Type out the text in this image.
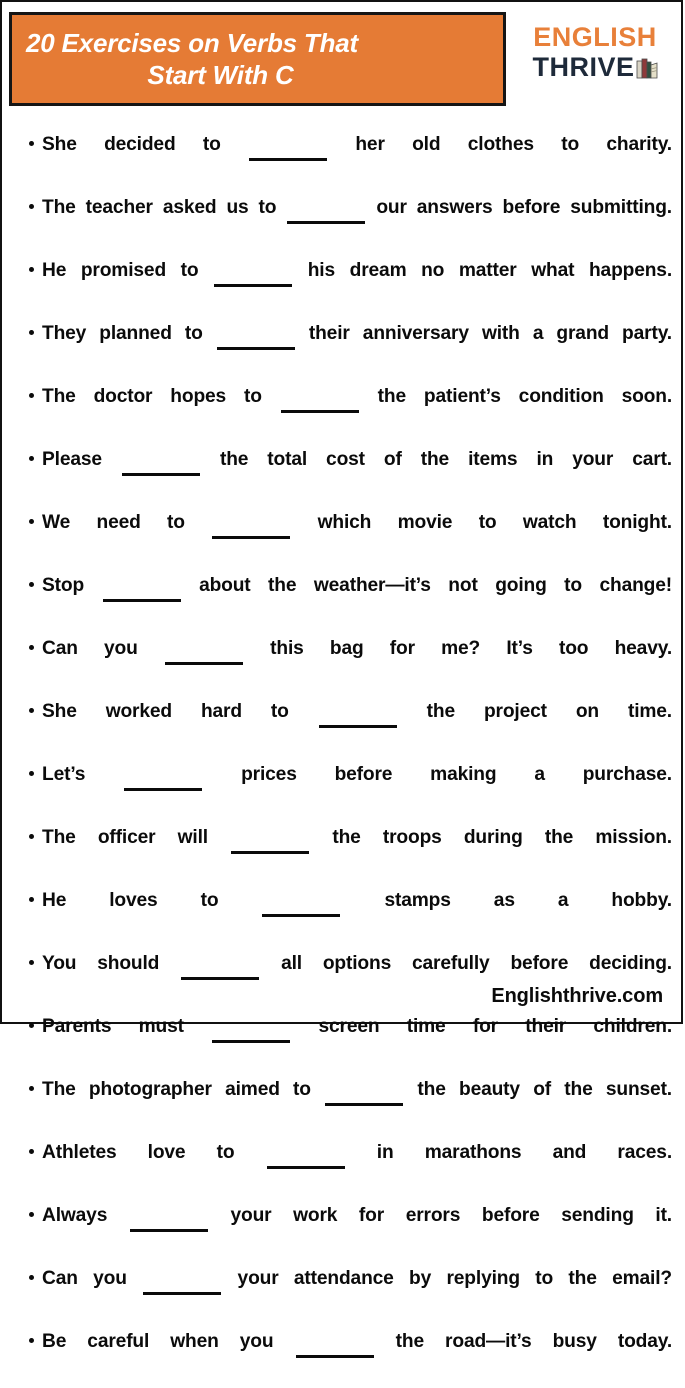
20 Exercises on Verbs That
Start With C
ENGLISH
THRIVE
She decided to	her old clothes to charity.
The teacher asked us to	our answers before submitting.
He promised to	his dream no matter what happens.
They planned to	their anniversary with a grand party.
The doctor hopes to	the patient’s condition soon.
Please	the total cost of the items in your cart.
We need to	which movie to watch tonight.
Stop	about the weather—it’s not going to change!
Can you	this bag for me? It’s too heavy.
She worked hard to	the project on time.
Let’s	prices before making a purchase.
The officer will	the troops during the mission.
He loves to	stamps as a hobby.
You should	all options carefully before deciding.
Parents must	screen time for their children.
The photographer aimed to	the beauty of the sunset.
Athletes love to	in marathons and races.
Always	your work for errors before sending it.
Can you	your attendance by replying to the email?
Be careful when you	the road—it’s busy today.
Englishthrive.com
